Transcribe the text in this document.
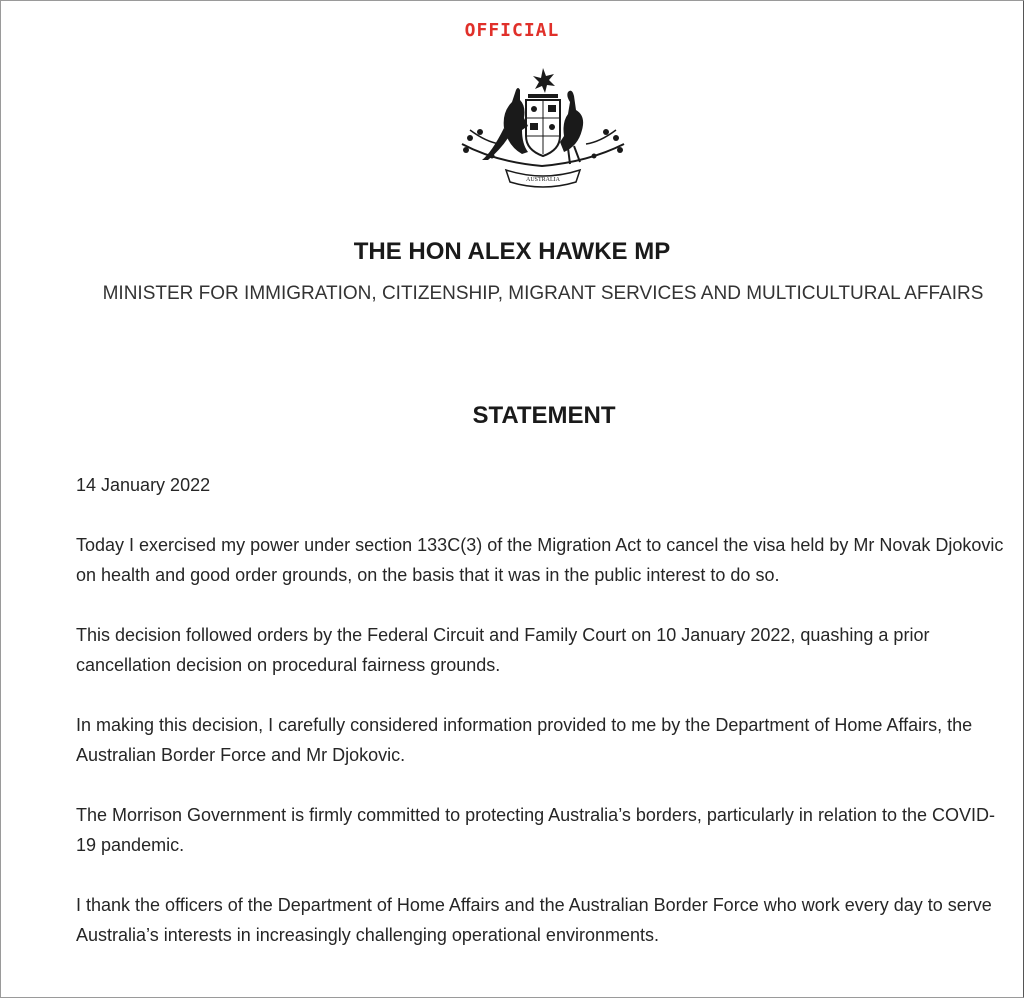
OFFICIAL
AUSTRALIA
THE HON ALEX HAWKE MP
MINISTER FOR IMMIGRATION, CITIZENSHIP, MIGRANT SERVICES AND MULTICULTURAL AFFAIRS
STATEMENT
14 January 2022

Today I exercised my power under section 133C(3) of the Migration Act to cancel the visa held by Mr Novak Djokovic on health and good order grounds, on the basis that it was in the public interest to do so.

This decision followed orders by the Federal Circuit and Family Court on 10 January 2022, quashing a prior cancellation decision on procedural fairness grounds.

In making this decision, I carefully considered information provided to me by the Department of Home Affairs, the Australian Border Force and Mr Djokovic.

The Morrison Government is firmly committed to protecting Australia’s borders, particularly in relation to the COVID-19 pandemic.

I thank the officers of the Department of Home Affairs and the Australian Border Force who work every day to serve Australia’s interests in increasingly challenging operational environments.
